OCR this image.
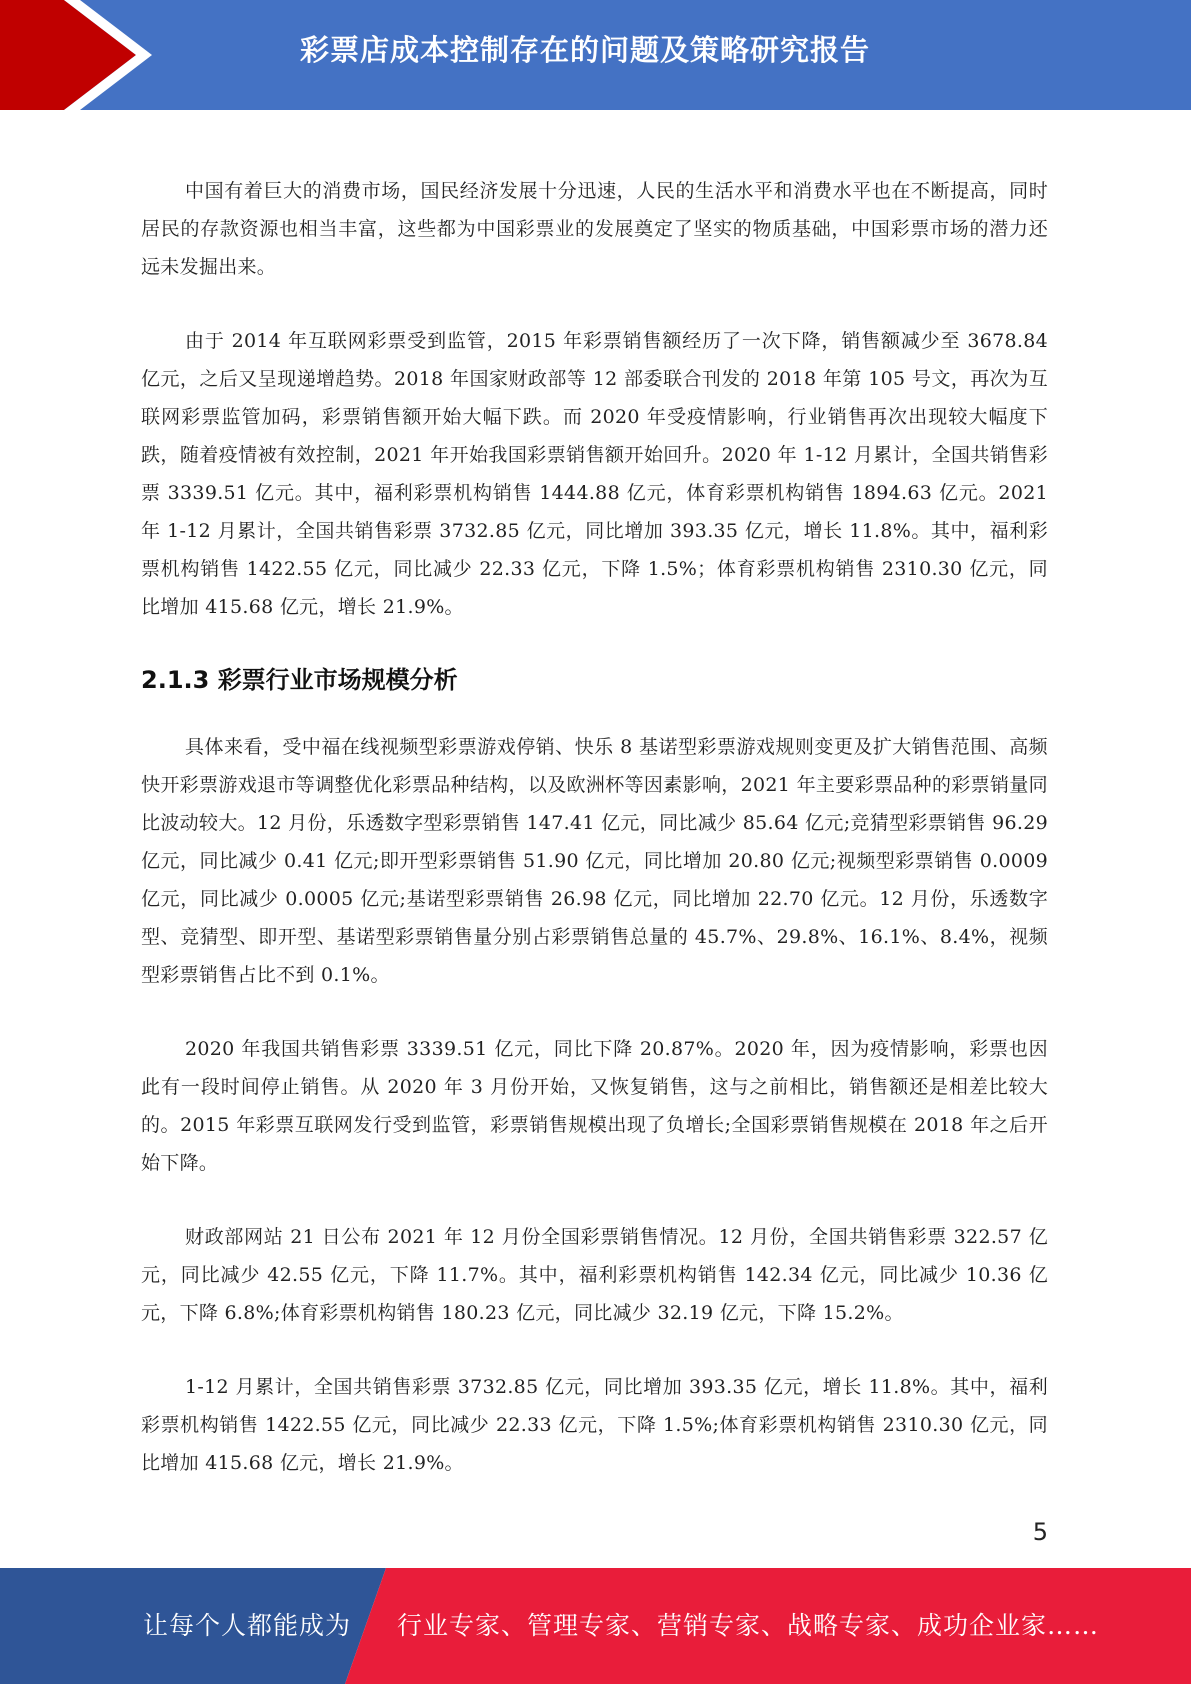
彩票店成本控制存在的问题及策略研究报告

中国有着巨大的消费市场，国民经济发展十分迅速，人民的生活水平和消费水平也在不断提高，同时居民的存款资源也相当丰富，这些都为中国彩票业的发展奠定了坚实的物质基础，中国彩票市场的潜力还远未发掘出来。

由于 2014 年互联网彩票受到监管，2015 年彩票销售额经历了一次下降，销售额减少至 3678.84 亿元，之后又呈现递增趋势。2018 年国家财政部等 12 部委联合刊发的 2018 年第 105 号文，再次为互联网彩票监管加码，彩票销售额开始大幅下跌。而 2020 年受疫情影响，行业销售再次出现较大幅度下跌，随着疫情被有效控制，2021 年开始我国彩票销售额开始回升。2020 年 1-12 月累计，全国共销售彩票 3339.51 亿元。其中，福利彩票机构销售 1444.88 亿元，体育彩票机构销售 1894.63 亿元。2021 年 1-12 月累计，全国共销售彩票 3732.85 亿元，同比增加 393.35 亿元，增长 11.8%。其中，福利彩票机构销售 1422.55 亿元，同比减少 22.33 亿元，下降 1.5%；体育彩票机构销售 2310.30 亿元，同比增加 415.68 亿元，增长 21.9%。

2.1.3 彩票行业市场规模分析

具体来看，受中福在线视频型彩票游戏停销、快乐 8 基诺型彩票游戏规则变更及扩大销售范围、高频快开彩票游戏退市等调整优化彩票品种结构，以及欧洲杯等因素影响，2021 年主要彩票品种的彩票销量同比波动较大。12 月份，乐透数字型彩票销售 147.41 亿元，同比减少 85.64 亿元;竞猜型彩票销售 96.29 亿元，同比减少 0.41 亿元;即开型彩票销售 51.90 亿元，同比增加 20.80 亿元;视频型彩票销售 0.0009 亿元，同比减少 0.0005 亿元;基诺型彩票销售 26.98 亿元，同比增加 22.70 亿元。12 月份，乐透数字型、竞猜型、即开型、基诺型彩票销售量分别占彩票销售总量的 45.7%、29.8%、16.1%、8.4%，视频型彩票销售占比不到 0.1%。

2020 年我国共销售彩票 3339.51 亿元，同比下降 20.87%。2020 年，因为疫情影响，彩票也因此有一段时间停止销售。从 2020 年 3 月份开始，又恢复销售，这与之前相比，销售额还是相差比较大的。2015 年彩票互联网发行受到监管，彩票销售规模出现了负增长;全国彩票销售规模在 2018 年之后开始下降。

财政部网站 21 日公布 2021 年 12 月份全国彩票销售情况。12 月份，全国共销售彩票 322.57 亿元，同比减少 42.55 亿元，下降 11.7%。其中，福利彩票机构销售 142.34 亿元，同比减少 10.36 亿元，下降 6.8%;体育彩票机构销售 180.23 亿元，同比减少 32.19 亿元，下降 15.2%。

1-12 月累计，全国共销售彩票 3732.85 亿元，同比增加 393.35 亿元，增长 11.8%。其中，福利彩票机构销售 1422.55 亿元，同比减少 22.33 亿元，下降 1.5%;体育彩票机构销售 2310.30 亿元，同比增加 415.68 亿元，增长 21.9%。

5
让每个人都能成为 行业专家、管理专家、营销专家、战略专家、成功企业家……
